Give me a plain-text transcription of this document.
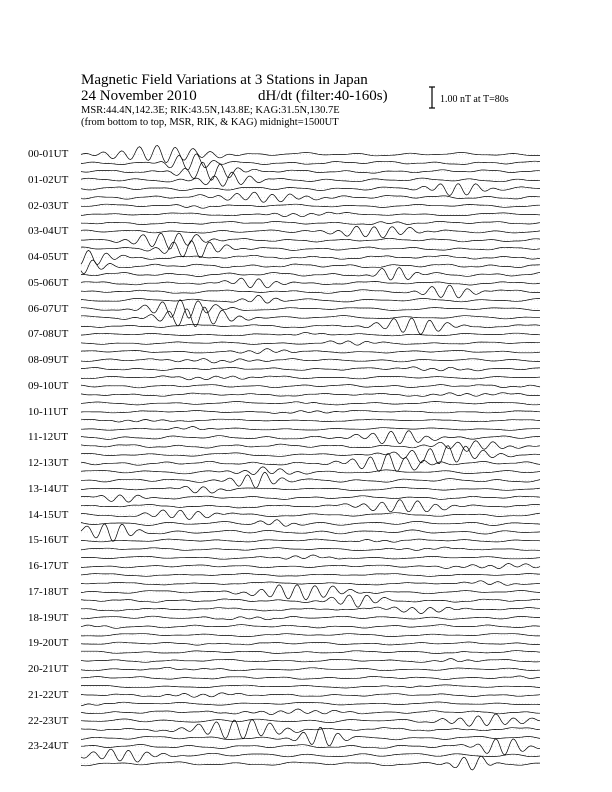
Magnetic Field Variations at 3 Stations in Japan
24 November 2010	dH/dt (filter:40-160s)	1.00 nT at T=80s
MSR:44.4N,142.3E; RIK:43.5N,143.8E; KAG:31.5N,130.7E
(from bottom to top, MSR, RIK, & KAG) midnight=1500UT
00-01UT
01-02UT
02-03UT
03-04UT
04-05UT
05-06UT
06-07UT
07-08UT
08-09UT
09-10UT
10-11UT
11-12UT
12-13UT
13-14UT
14-15UT
15-16UT
16-17UT
17-18UT
18-19UT
19-20UT
20-21UT
21-22UT
22-23UT
23-24UT
